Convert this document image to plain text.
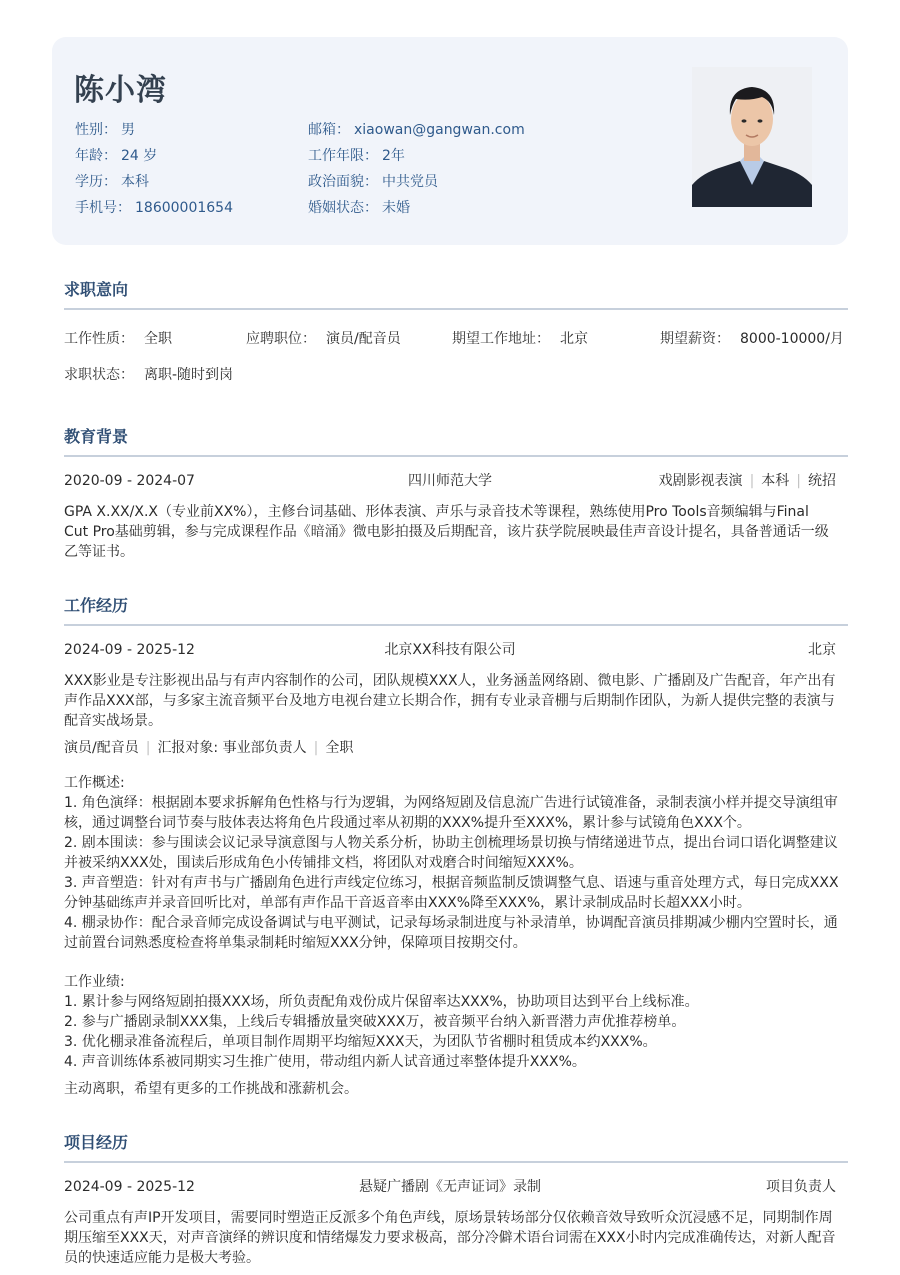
陈小湾
性别： 男	邮箱： xiaowan@gangwan.com
年龄： 24 岁	工作年限： 2年
学历： 本科	政治面貌： 中共党员
手机号： 18600001654	婚姻状态： 未婚
求职意向
工作性质： 全职	应聘职位： 演员/配音员	期望工作地址： 北京	期望薪资： 8000-10000/月
求职状态： 离职-随时到岗
教育背景
2020-09 - 2024-07	四川师范大学	戏剧影视表演 | 本科 | 统招
GPA X.XX/X.X（专业前XX%），主修台词基础、形体表演、声乐与录音技术等课程，熟练使用Pro Tools音频编辑与Final
Cut Pro基础剪辑，参与完成课程作品《暗涌》微电影拍摄及后期配音，该片获学院展映最佳声音设计提名，具备普通话一级
乙等证书。
工作经历
2024-09 - 2025-12	北京XX科技有限公司	北京
XXX影业是专注影视出品与有声内容制作的公司，团队规模XXX人，业务涵盖网络剧、微电影、广播剧及广告配音，年产出有
声作品XXX部，与多家主流音频平台及地方电视台建立长期合作，拥有专业录音棚与后期制作团队，为新人提供完整的表演与
配音实战场景。
演员/配音员 | 汇报对象: 事业部负责人 | 全职
工作概述:
1. 角色演绎：根据剧本要求拆解角色性格与行为逻辑，为网络短剧及信息流广告进行试镜准备，录制表演小样并提交导演组审
核，通过调整台词节奏与肢体表达将角色片段通过率从初期的XXX%提升至XXX%，累计参与试镜角色XXX个。
2. 剧本围读：参与围读会议记录导演意图与人物关系分析，协助主创梳理场景切换与情绪递进节点，提出台词口语化调整建议
并被采纳XXX处，围读后形成角色小传铺排文档，将团队对戏磨合时间缩短XXX%。
3. 声音塑造：针对有声书与广播剧角色进行声线定位练习，根据音频监制反馈调整气息、语速与重音处理方式，每日完成XXX
分钟基础练声并录音回听比对，单部有声作品干音返音率由XXX%降至XXX%，累计录制成品时长超XXX小时。
4. 棚录协作：配合录音师完成设备调试与电平测试，记录每场录制进度与补录清单，协调配音演员排期减少棚内空置时长，通
过前置台词熟悉度检查将单集录制耗时缩短XXX分钟，保障项目按期交付。
工作业绩:
1. 累计参与网络短剧拍摄XXX场，所负责配角戏份成片保留率达XXX%，协助项目达到平台上线标准。
2. 参与广播剧录制XXX集，上线后专辑播放量突破XXX万，被音频平台纳入新晋潜力声优推荐榜单。
3. 优化棚录准备流程后，单项目制作周期平均缩短XXX天，为团队节省棚时租赁成本约XXX%。
4. 声音训练体系被同期实习生推广使用，带动组内新人试音通过率整体提升XXX%。
主动离职，希望有更多的工作挑战和涨薪机会。
项目经历
2024-09 - 2025-12	悬疑广播剧《无声证词》录制	项目负责人
公司重点有声IP开发项目，需要同时塑造正反派多个角色声线，原场景转场部分仅依赖音效导致听众沉浸感不足，同期制作周
期压缩至XXX天，对声音演绎的辨识度和情绪爆发力要求极高，部分冷僻术语台词需在XXX小时内完成准确传达，对新人配音
员的快速适应能力是极大考验。
